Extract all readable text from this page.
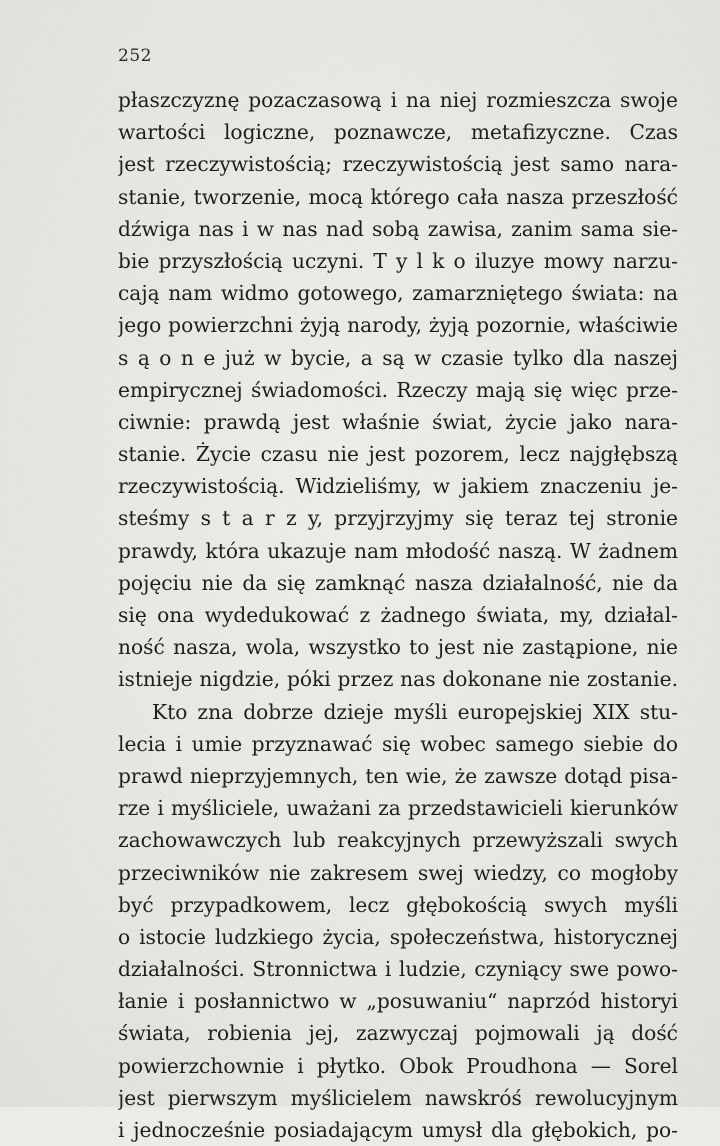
252
płaszczyznę pozaczasową i na niej rozmieszcza swoje
wartości logiczne, poznawcze, metafizyczne. Czas
jest rzeczywistością; rzeczywistością jest samo nara-
stanie, tworzenie, mocą którego cała nasza przeszłość
dźwiga nas i w nas nad sobą zawisa, zanim sama sie-
bie przyszłością uczyni. T y l k o iluzye mowy narzu-
cają nam widmo gotowego, zamarzniętego świata: na
jego powierzchni żyją narody, żyją pozornie, właściwie
s ą o n e już w bycie, a są w czasie tylko dla naszej
empirycznej świadomości. Rzeczy mają się więc prze-
ciwnie: prawdą jest właśnie świat, życie jako nara-
stanie. Życie czasu nie jest pozorem, lecz najgłębszą
rzeczywistością. Widzieliśmy, w jakiem znaczeniu je-
steśmy s t a r z y, przyjrzyjmy się teraz tej stronie
prawdy, która ukazuje nam młodość naszą. W żadnem
pojęciu nie da się zamknąć nasza działalność, nie da
się ona wydedukować z żadnego świata, my, działal-
ność nasza, wola, wszystko to jest nie zastąpione, nie
istnieje nigdzie, póki przez nas dokonane nie zostanie.
Kto zna dobrze dzieje myśli europejskiej XIX stu-
lecia i umie przyznawać się wobec samego siebie do
prawd nieprzyjemnych, ten wie, że zawsze dotąd pisa-
rze i myśliciele, uważani za przedstawicieli kierunków
zachowawczych lub reakcyjnych przewyższali swych
przeciwników nie zakresem swej wiedzy, co mogłoby
być przypadkowem, lecz głębokością swych myśli
o istocie ludzkiego życia, społeczeństwa, historycznej
działalności. Stronnictwa i ludzie, czyniący swe powo-
łanie i posłannictwo w „posuwaniu“ naprzód historyi
świata, robienia jej, zazwyczaj pojmowali ją dość
powierzchownie i płytko. Obok Proudhona — Sorel
jest pierwszym myślicielem nawskróś rewolucyjnym
i jednocześnie posiadającym umysł dla głębokich, po-
